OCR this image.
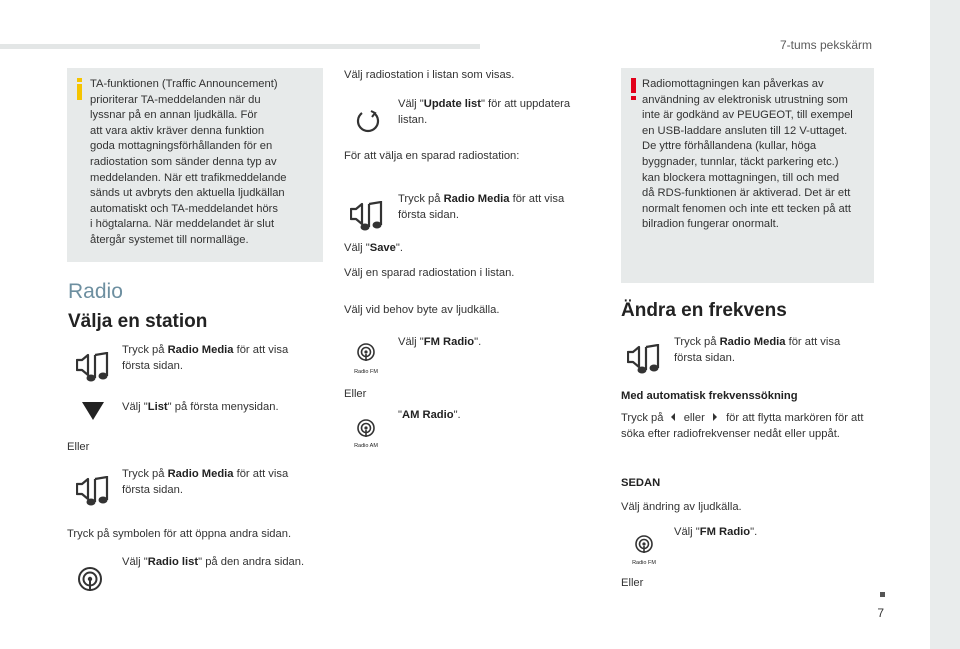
7-tums pekskärm
7

TA-funktionen (Traffic Announcement)
prioriterar TA-meddelanden när du
lyssnar på en annan ljudkälla. För
att vara aktiv kräver denna funktion
goda mottagningsförhållanden för en
radiostation som sänder denna typ av
meddelanden. När ett trafikmeddelande
sänds ut avbryts den aktuella ljudkällan
automatiskt och TA-meddelandet hörs
i högtalarna. När meddelandet är slut
återgår systemet till normalläge.

Radio
Välja en station
Tryck på Radio Media för att visa
första sidan.
Välj "List" på första menysidan.
Eller
Tryck på Radio Media för att visa
första sidan.
Tryck på symbolen för att öppna andra sidan.
Välj "Radio list" på den andra sidan.
Välj radiostation i listan som visas.
Välj "Update list" för att uppdatera
listan.
För att välja en sparad radiostation:
Tryck på Radio Media för att visa
första sidan.
Välj "Save".
Välj en sparad radiostation i listan.
Välj vid behov byte av ljudkälla.
Radio FM
Välj "FM Radio".
Eller
Radio AM
"AM Radio".

Radiomottagningen kan påverkas av
användning av elektronisk utrustning som
inte är godkänd av PEUGEOT, till exempel
en USB-laddare ansluten till 12 V-uttaget.
De yttre förhållandena (kullar, höga
byggnader, tunnlar, täckt parkering etc.)
kan blockera mottagningen, till och med
då RDS-funktionen är aktiverad. Det är ett
normalt fenomen och inte ett tecken på att
bilradion fungerar onormalt.

Ändra en frekvens
Tryck på Radio Media för att visa
första sidan.
Med automatisk frekvenssökning
Tryck på eller för att flytta markören för att
söka efter radiofrekvenser nedåt eller uppåt.
SEDAN
Välj ändring av ljudkälla.
Radio FM
Välj "FM Radio".
Eller
